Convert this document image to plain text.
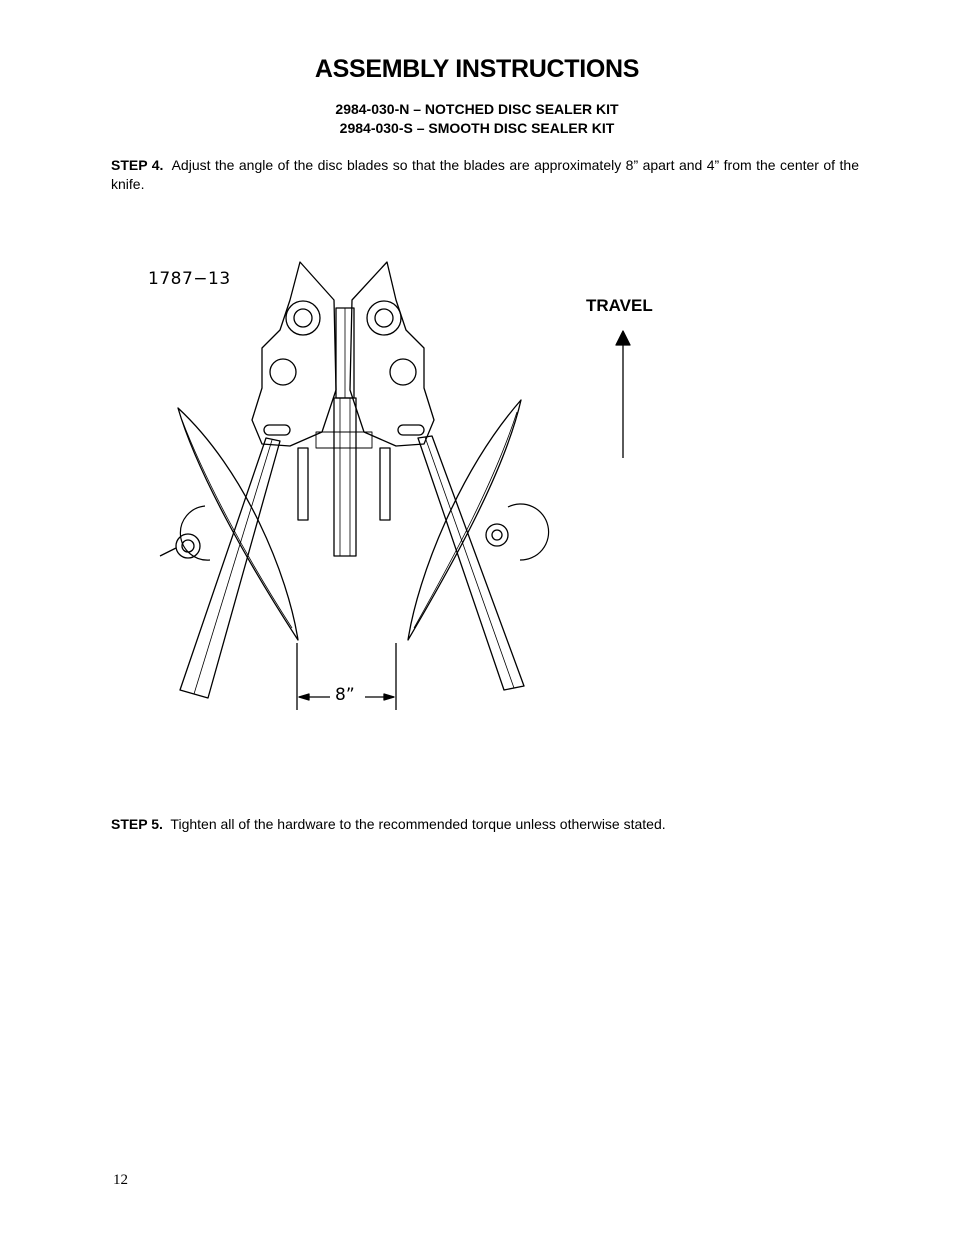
ASSEMBLY INSTRUCTIONS
2984-030-N – NOTCHED DISC SEALER KIT
2984-030-S – SMOOTH DISC SEALER KIT
STEP 4. Adjust the angle of the disc blades so that the blades are approximately 8” apart and 4” from the center of the knife.
1787−13
TRAVEL
8”
STEP 5. Tighten all of the hardware to the recommended torque unless otherwise stated.
12
